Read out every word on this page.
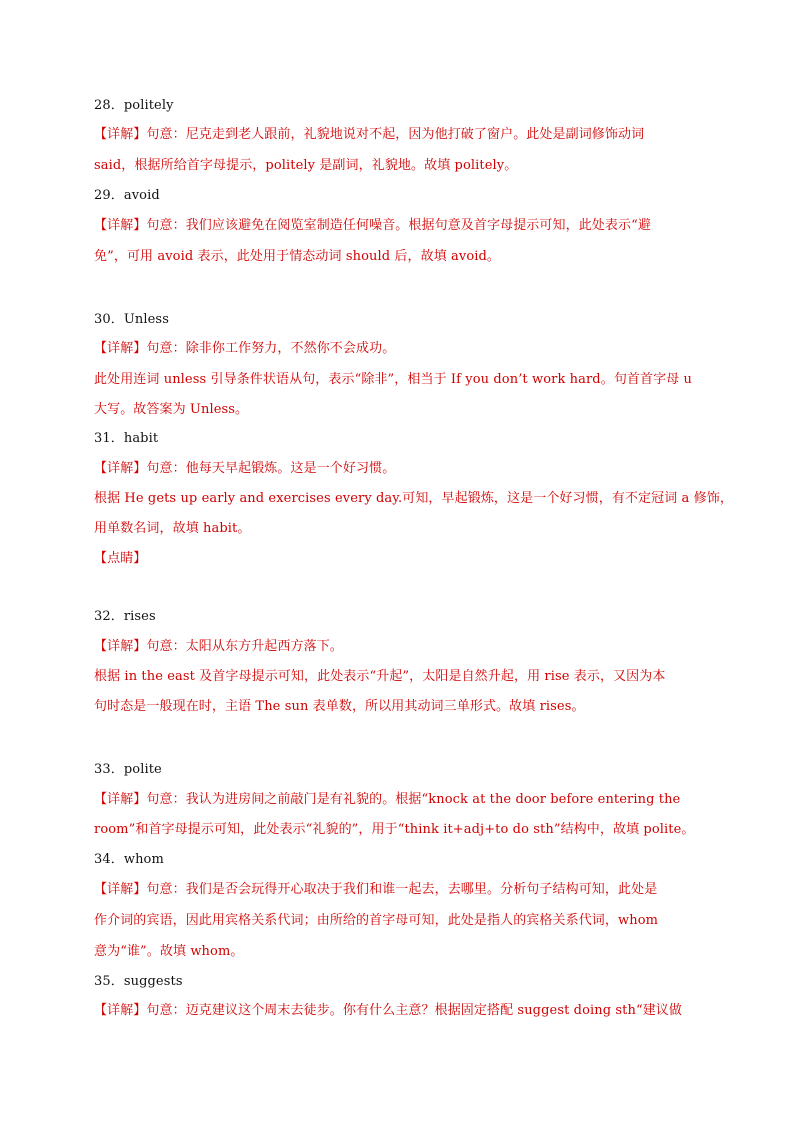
28．politely
【详解】句意：尼克走到老人跟前，礼貌地说对不起，因为他打破了窗户。此处是副词修饰动词
said，根据所给首字母提示，politely 是副词，礼貌地。故填 politely。
29．avoid
【详解】句意：我们应该避免在阅览室制造任何噪音。根据句意及首字母提示可知，此处表示“避
免”，可用 avoid 表示，此处用于情态动词 should 后，故填 avoid。
30．Unless
【详解】句意：除非你工作努力，不然你不会成功。
此处用连词 unless 引导条件状语从句，表示“除非”，相当于 If you don’t work hard。句首首字母 u
大写。故答案为 Unless。
31．habit
【详解】句意：他每天早起锻炼。这是一个好习惯。
根据 He gets up early and exercises every day.可知，早起锻炼，这是一个好习惯，有不定冠词 a 修饰，
用单数名词，故填 habit。
【点睛】
32．rises
【详解】句意：太阳从东方升起西方落下。
根据 in the east 及首字母提示可知，此处表示“升起”，太阳是自然升起，用 rise 表示，又因为本
句时态是一般现在时，主语 The sun 表单数，所以用其动词三单形式。故填 rises。
33．polite
【详解】句意：我认为进房间之前敲门是有礼貌的。根据“knock at the door before entering the
room”和首字母提示可知，此处表示“礼貌的”，用于“think it+adj+to do sth”结构中，故填 polite。
34．whom
【详解】句意：我们是否会玩得开心取决于我们和谁一起去，去哪里。分析句子结构可知，此处是
作介词的宾语，因此用宾格关系代词；由所给的首字母可知，此处是指人的宾格关系代词，whom
意为“谁”。故填 whom。
35．suggests
【详解】句意：迈克建议这个周末去徒步。你有什么主意？根据固定搭配 suggest doing sth“建议做
